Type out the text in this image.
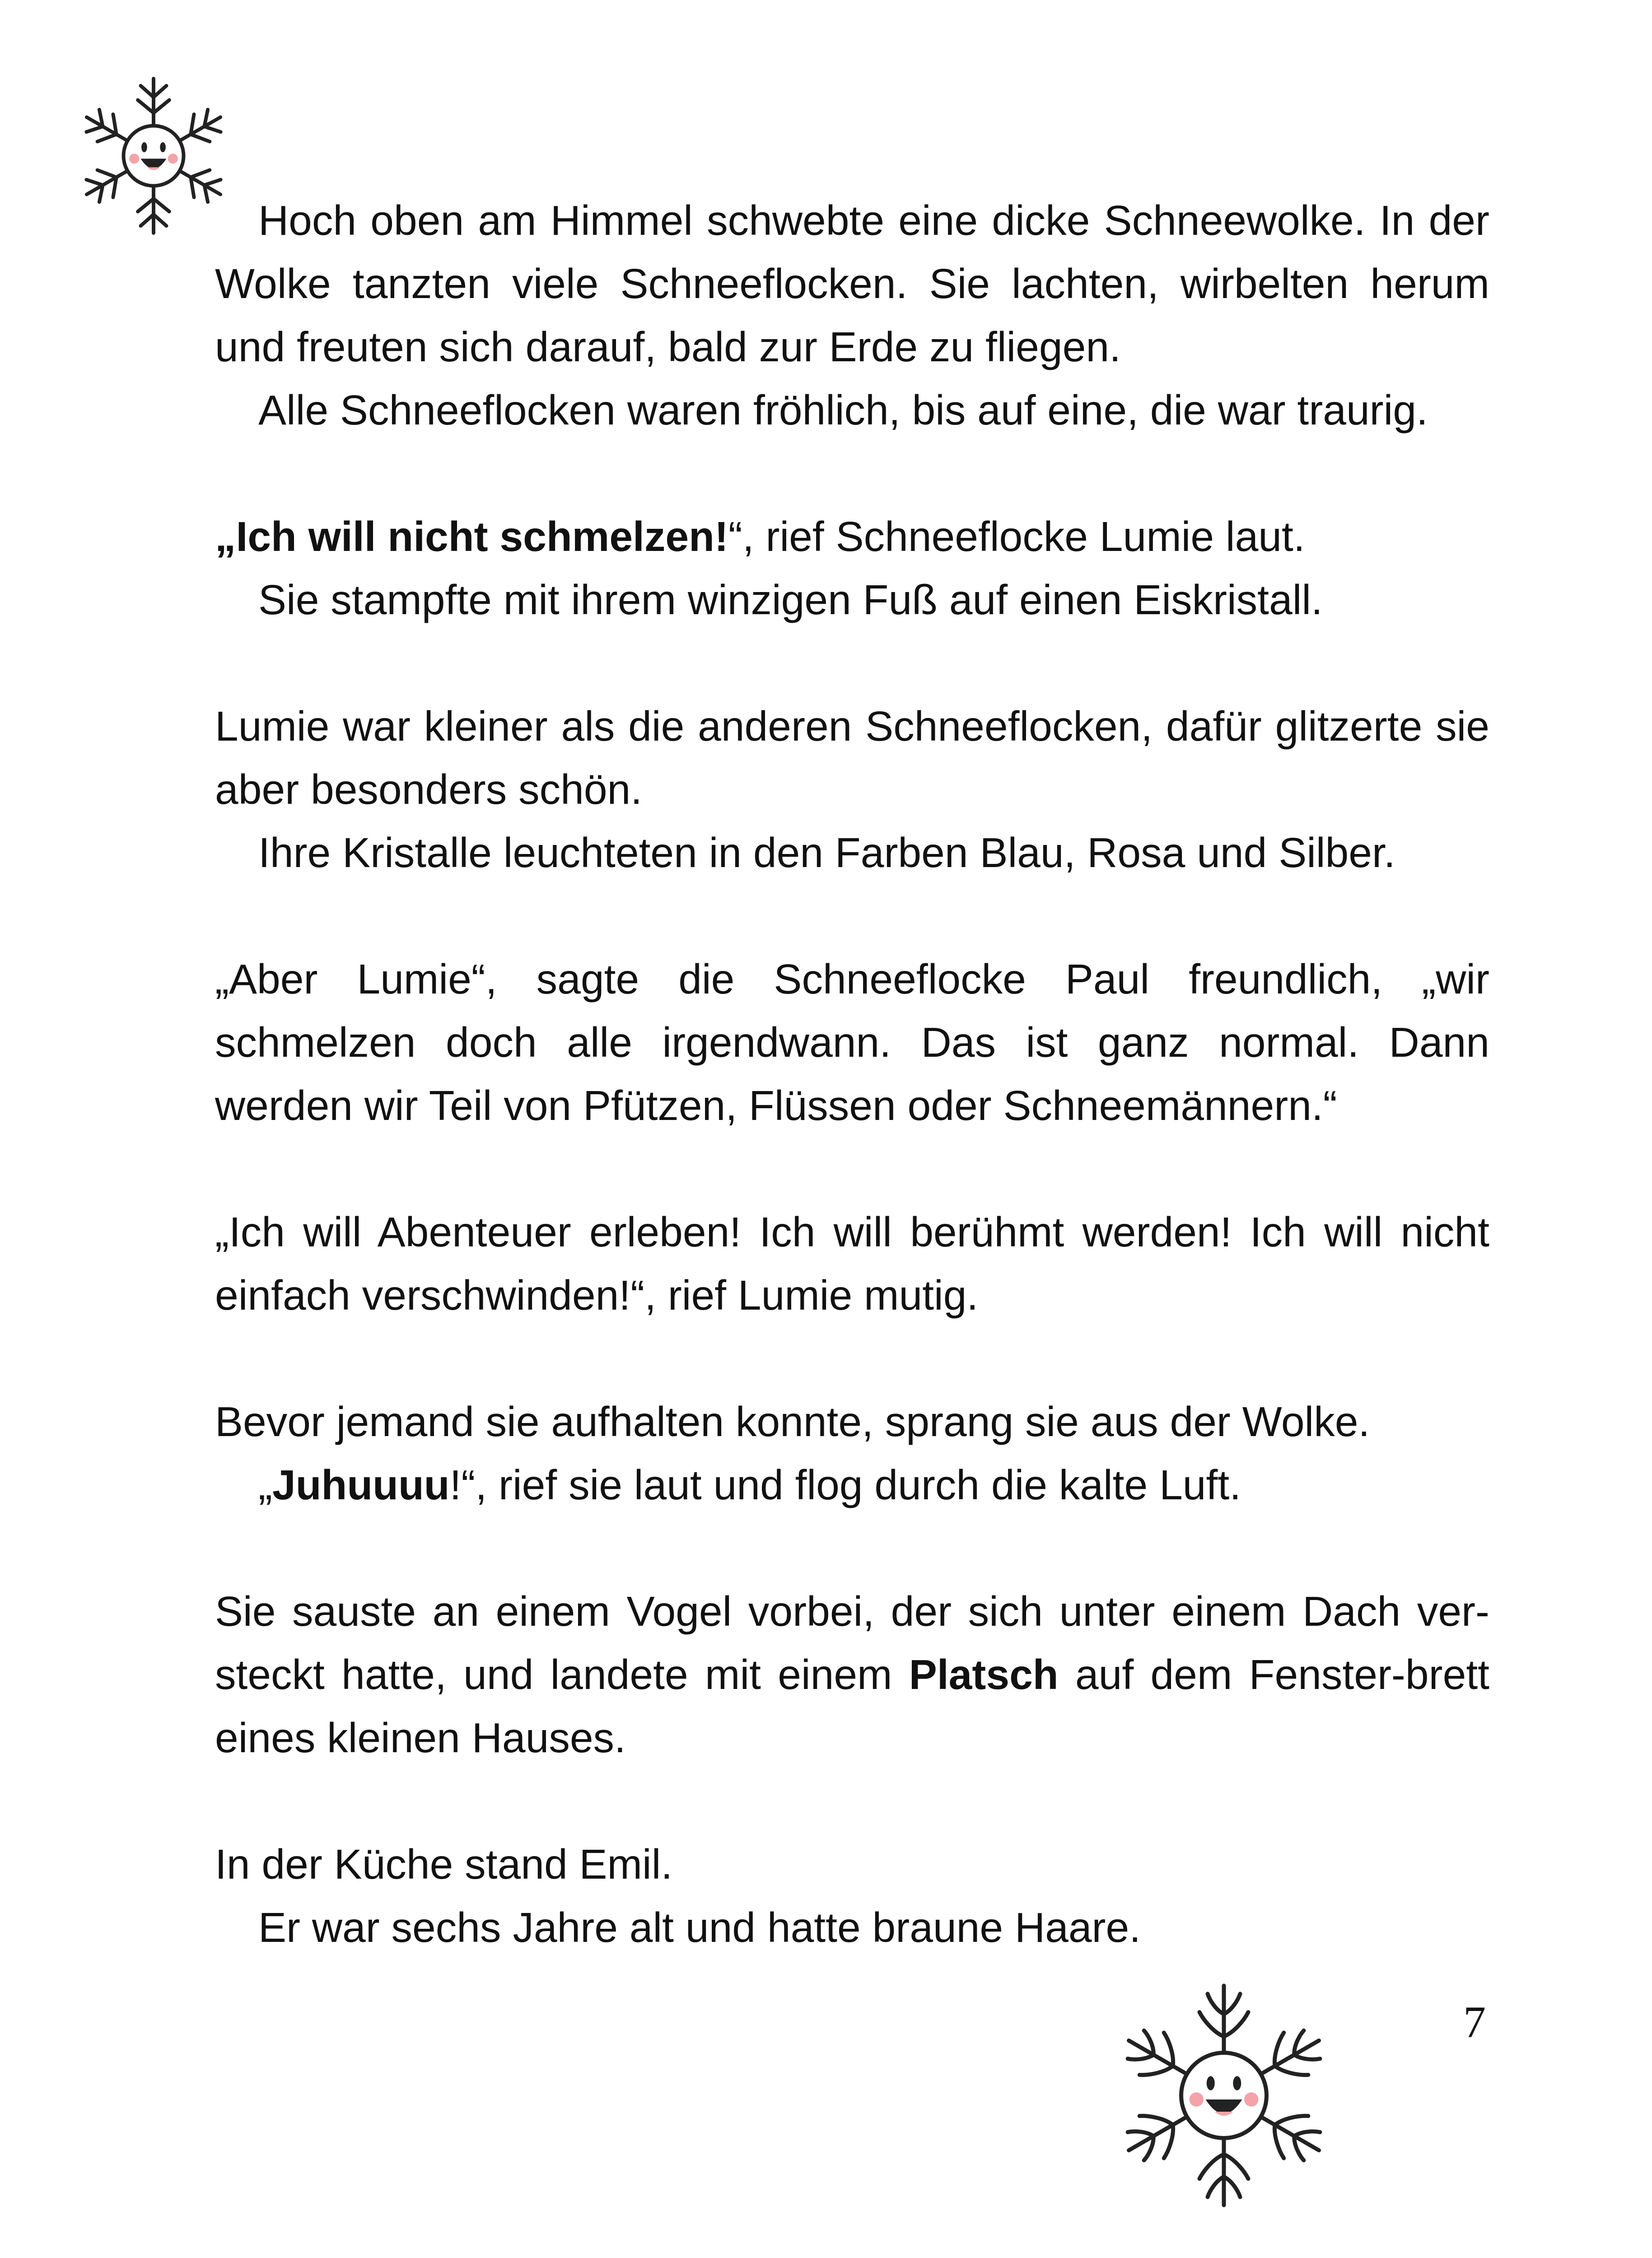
Hoch oben am Himmel schwebte eine dicke Schneewolke. In der Wolke tanzten viele Schneeflocken. Sie lachten, wirbelten herum und freuten sich darauf, bald zur Erde zu fliegen.

Alle Schneeflocken waren fröhlich, bis auf eine, die war traurig.

„Ich will nicht schmelzen!“, rief Schneeflocke Lumie laut.

Sie stampfte mit ihrem winzigen Fuß auf einen Eiskristall.

Lumie war kleiner als die anderen Schneeflocken, dafür glitzerte sie aber besonders schön.

Ihre Kristalle leuchteten in den Farben Blau, Rosa und Silber.

„Aber Lumie“, sagte die Schneeflocke Paul freundlich, „wir schmelzen doch alle irgendwann. Das ist ganz normal. Dann werden wir Teil von Pfützen, Flüssen oder Schneemännern.“

„Ich will Abenteuer erleben! Ich will berühmt werden! Ich will nicht einfach verschwinden!“, rief Lumie mutig.

Bevor jemand sie aufhalten konnte, sprang sie aus der Wolke.

„Juhuuuu!“, rief sie laut und flog durch die kalte Luft.

Sie sauste an einem Vogel vorbei, der sich unter einem Dach ver-steckt hatte, und landete mit einem Platsch auf dem Fenster-brett eines kleinen Hauses.

In der Küche stand Emil.

Er war sechs Jahre alt und hatte braune Haare.

7
